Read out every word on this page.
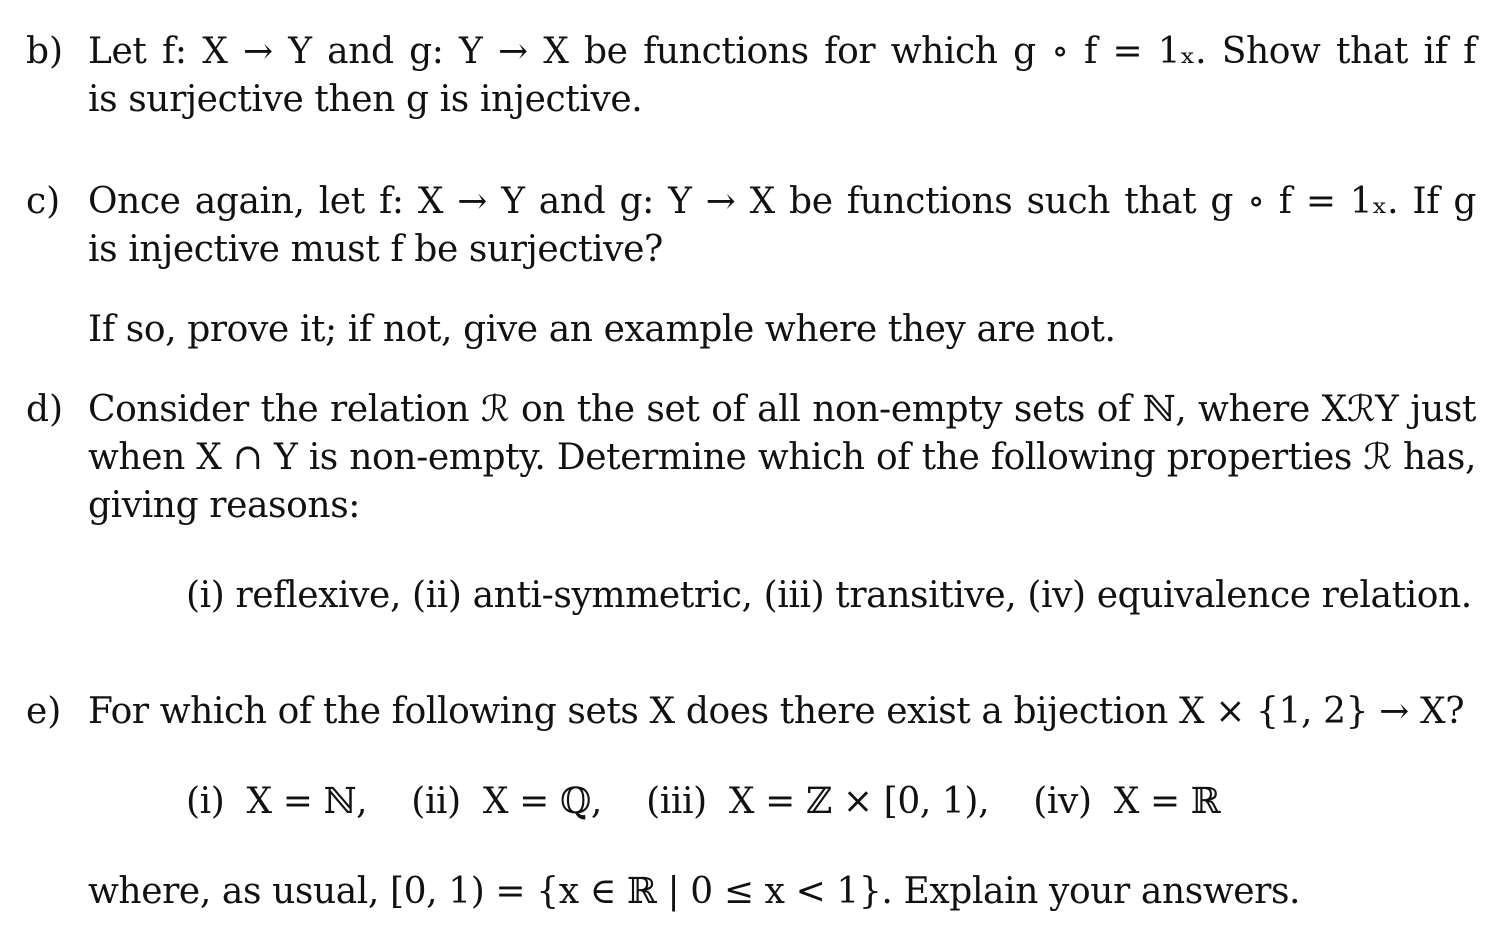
b) Let f: X → Y and g: Y → X be functions for which g ∘ f = 1ₓ. Show that if f
is surjective then g is injective.
c) Once again, let f: X → Y and g: Y → X be functions such that g ∘ f = 1ₓ. If g
is injective must f be surjective?
If so, prove it; if not, give an example where they are not.
d) Consider the relation ℛ on the set of all non-empty sets of ℕ, where XℛY just
when X ∩ Y is non-empty. Determine which of the following properties ℛ has,
giving reasons:
(i) reflexive, (ii) anti-symmetric, (iii) transitive, (iv) equivalence relation.
e) For which of the following sets X does there exist a bijection X × {1, 2} → X?
(i)  X = ℕ,    (ii)  X = ℚ,    (iii)  X = ℤ × [0, 1),    (iv)  X = ℝ
where, as usual, [0, 1) = {x ∈ ℝ | 0 ≤ x < 1}. Explain your answers.
